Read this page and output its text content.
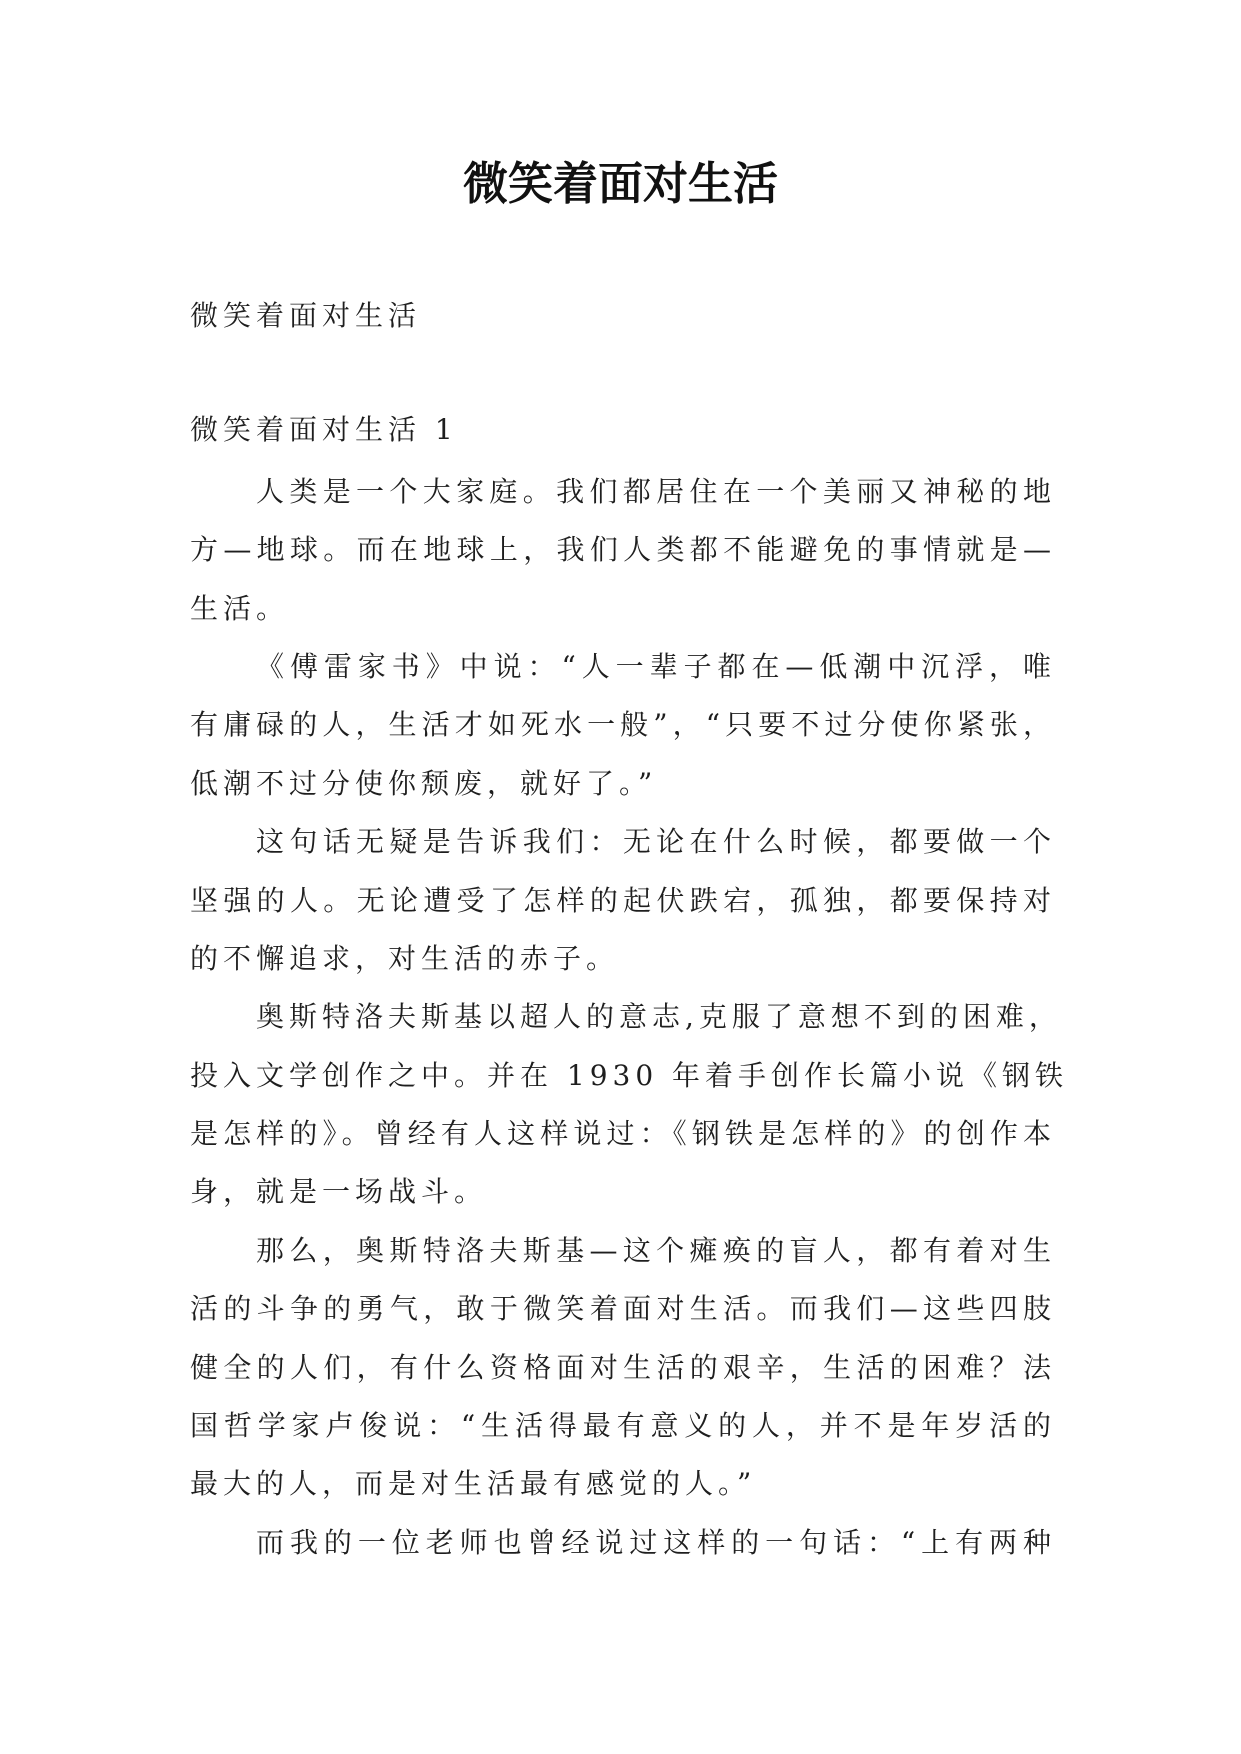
微笑着面对生活
微笑着面对生活
微笑着面对生活 1
人类是一个大家庭。我们都居住在一个美丽又神秘的地
方—地球。而在地球上，我们人类都不能避免的事情就是—
生活。
《傅雷家书》中说：“人一辈子都在—低潮中沉浮，唯
有庸碌的人，生活才如死水一般”，“只要不过分使你紧张，
低潮不过分使你颓废，就好了。”
这句话无疑是告诉我们：无论在什么时候，都要做一个
坚强的人。无论遭受了怎样的起伏跌宕，孤独，都要保持对
的不懈追求，对生活的赤子。
奥斯特洛夫斯基以超人的意志,克服了意想不到的困难，
投入文学创作之中。并在 1930 年着手创作长篇小说《钢铁
是怎样的》。曾经有人这样说过：《钢铁是怎样的》的创作本
身，就是一场战斗。
那么，奥斯特洛夫斯基—这个瘫痪的盲人，都有着对生
活的斗争的勇气，敢于微笑着面对生活。而我们—这些四肢
健全的人们，有什么资格面对生活的艰辛，生活的困难？法
国哲学家卢俊说：“生活得最有意义的人，并不是年岁活的
最大的人，而是对生活最有感觉的人。”
而我的一位老师也曾经说过这样的一句话：“上有两种
